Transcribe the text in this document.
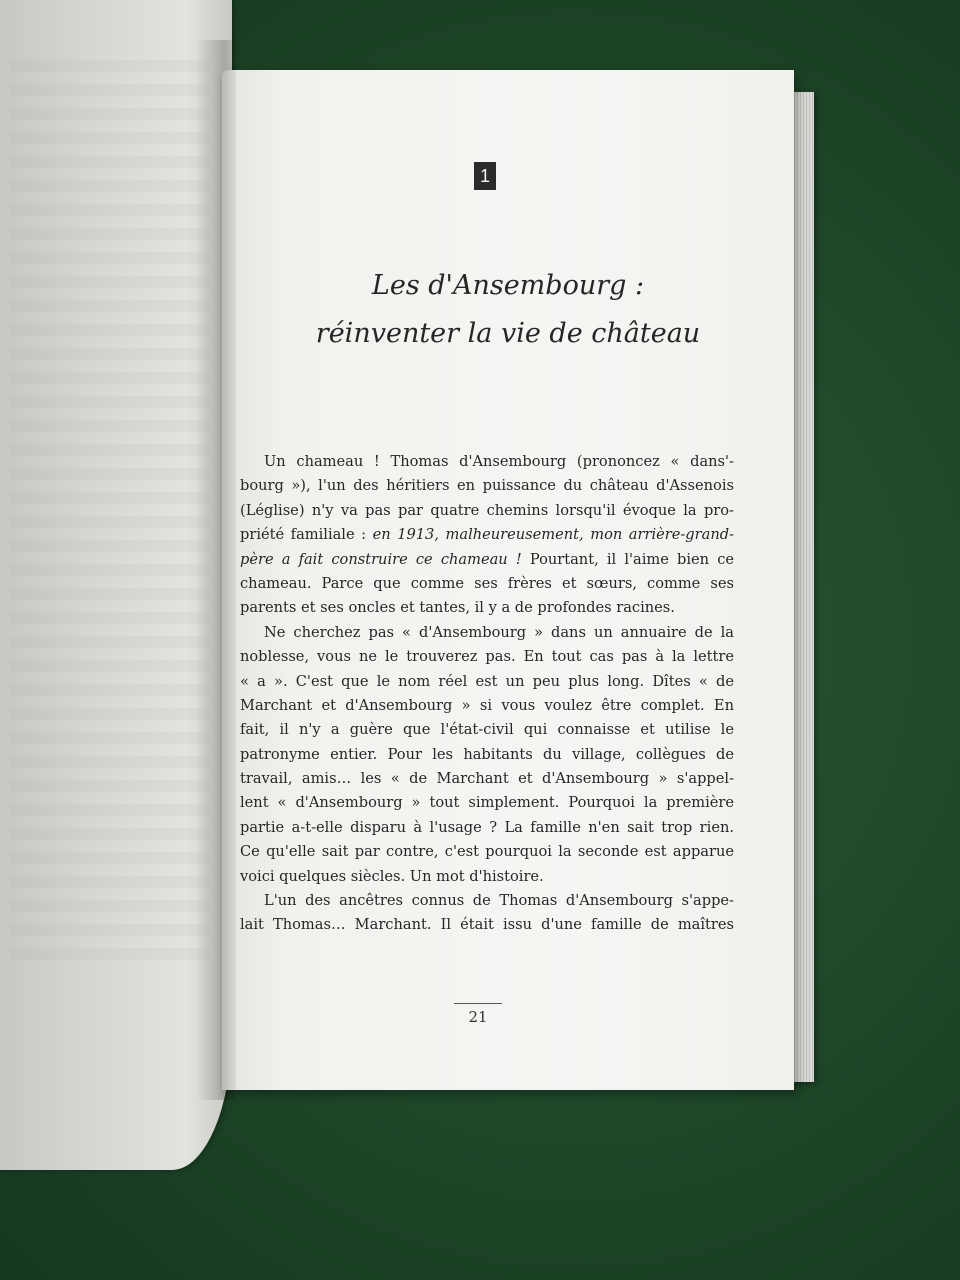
1
Les d'Ansembourg :
réinventer la vie de château
Un chameau ! Thomas d'Ansembourg (prononcez « dans'-
bourg »), l'un des héritiers en puissance du château d'Assenois
(Léglise) n'y va pas par quatre chemins lorsqu'il évoque la pro-
priété familiale : en 1913, malheureusement, mon arrière-grand-
père a fait construire ce chameau ! Pourtant, il l'aime bien ce
chameau. Parce que comme ses frères et sœurs, comme ses
parents et ses oncles et tantes, il y a de profondes racines.
Ne cherchez pas « d'Ansembourg » dans un annuaire de la
noblesse, vous ne le trouverez pas. En tout cas pas à la lettre
« a ». C'est que le nom réel est un peu plus long. Dîtes « de
Marchant et d'Ansembourg » si vous voulez être complet. En
fait, il n'y a guère que l'état-civil qui connaisse et utilise le
patronyme entier. Pour les habitants du village, collègues de
travail, amis… les « de Marchant et d'Ansembourg » s'appel-
lent « d'Ansembourg » tout simplement. Pourquoi la première
partie a-t-elle disparu à l'usage ? La famille n'en sait trop rien.
Ce qu'elle sait par contre, c'est pourquoi la seconde est apparue
voici quelques siècles. Un mot d'histoire.
L'un des ancêtres connus de Thomas d'Ansembourg s'appe-
lait Thomas… Marchant. Il était issu d'une famille de maîtres
21
